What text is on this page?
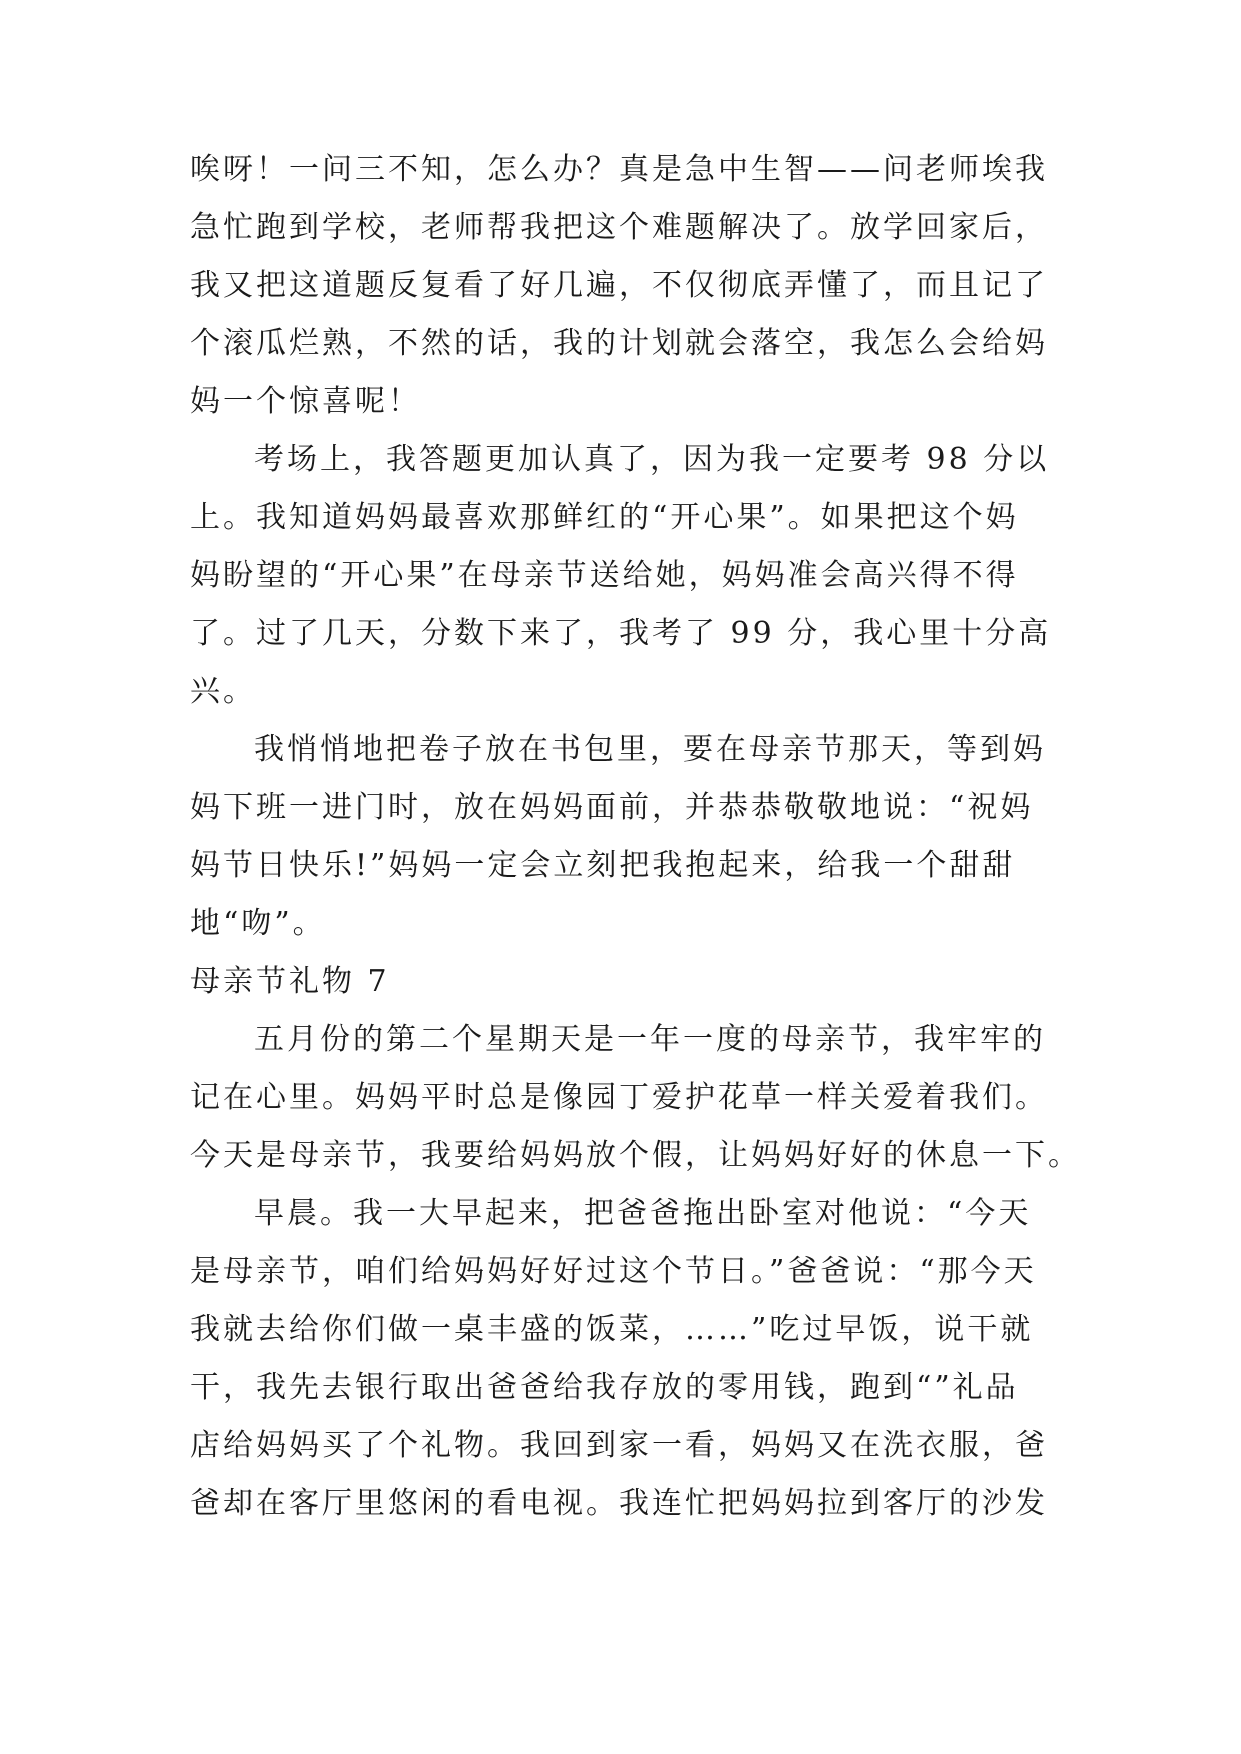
唉呀！一问三不知，怎么办？真是急中生智——问老师埃我
急忙跑到学校，老师帮我把这个难题解决了。放学回家后，
我又把这道题反复看了好几遍，不仅彻底弄懂了，而且记了
个滚瓜烂熟，不然的话，我的计划就会落空，我怎么会给妈
妈一个惊喜呢！
考场上，我答题更加认真了，因为我一定要考 98 分以
上。我知道妈妈最喜欢那鲜红的“开心果”。如果把这个妈
妈盼望的“开心果”在母亲节送给她，妈妈准会高兴得不得
了。过了几天，分数下来了，我考了 99 分，我心里十分高
兴。
我悄悄地把卷子放在书包里，要在母亲节那天，等到妈
妈下班一进门时，放在妈妈面前，并恭恭敬敬地说：“祝妈
妈节日快乐!”妈妈一定会立刻把我抱起来，给我一个甜甜
地“吻”。
母亲节礼物 7
五月份的第二个星期天是一年一度的母亲节，我牢牢的
记在心里。妈妈平时总是像园丁爱护花草一样关爱着我们。
今天是母亲节，我要给妈妈放个假，让妈妈好好的休息一下。
早晨。我一大早起来，把爸爸拖出卧室对他说：“今天
是母亲节，咱们给妈妈好好过这个节日。”爸爸说：“那今天
我就去给你们做一桌丰盛的饭菜，……”吃过早饭，说干就
干，我先去银行取出爸爸给我存放的零用钱，跑到“”礼品
店给妈妈买了个礼物。我回到家一看，妈妈又在洗衣服，爸
爸却在客厅里悠闲的看电视。我连忙把妈妈拉到客厅的沙发
